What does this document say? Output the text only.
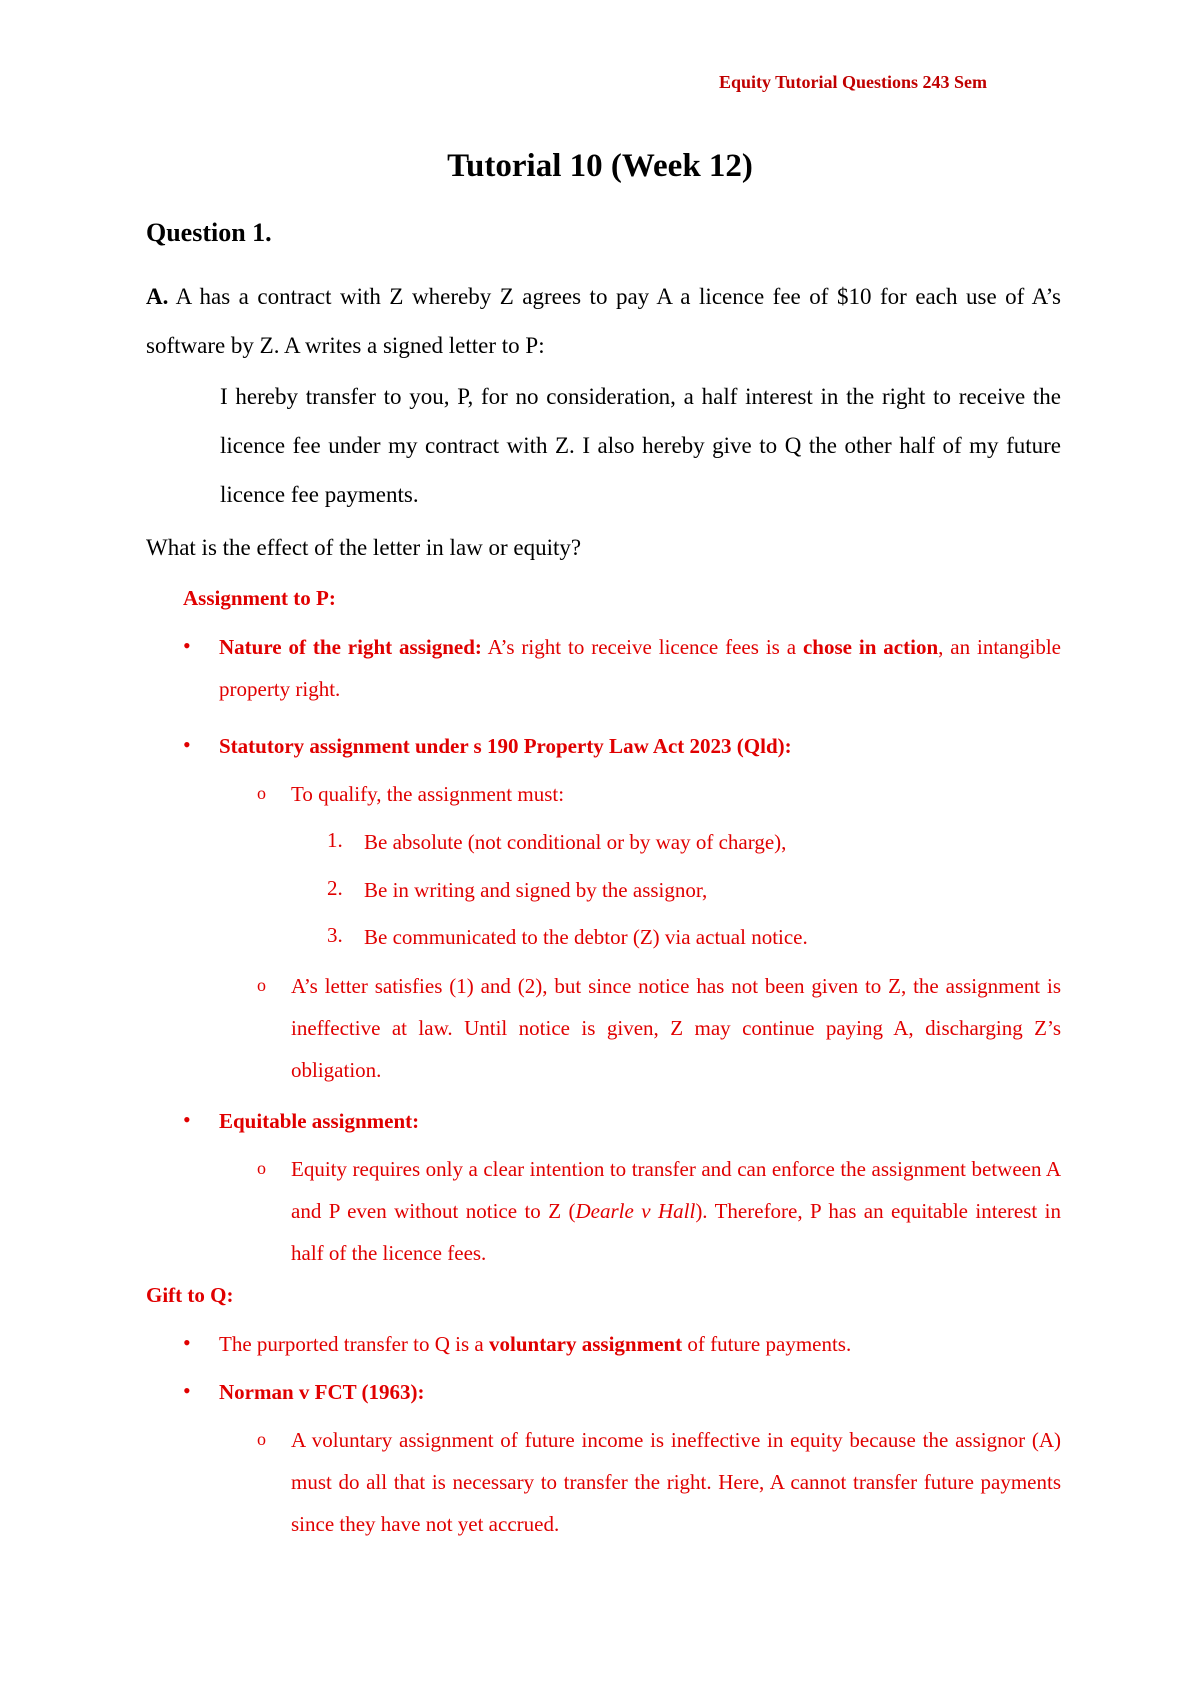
Equity Tutorial Questions 243 Sem
Tutorial 10 (Week 12)
Question 1.

A. A has a contract with Z whereby Z agrees to pay A a licence fee of $10 for each use of A’s software by Z. A writes a signed letter to P:

I hereby transfer to you, P, for no consideration, a half interest in the right to receive the licence fee under my contract with Z. I also hereby give to Q the other half of my future licence fee payments.

What is the effect of the letter in law or equity?

Assignment to P:
• Nature of the right assigned: A’s right to receive licence fees is a chose in action, an intangible property right.

• Statutory assignment under s 190 Property Law Act 2023 (Qld):

o To qualify, the assignment must:

1. Be absolute (not conditional or by way of charge),

2. Be in writing and signed by the assignor,

3. Be communicated to the debtor (Z) via actual notice.

o A’s letter satisfies (1) and (2), but since notice has not been given to Z, the assignment is ineffective at law. Until notice is given, Z may continue paying A, discharging Z’s obligation.

• Equitable assignment:

o Equity requires only a clear intention to transfer and can enforce the assignment between A and P even without notice to Z (Dearle v Hall). Therefore, P has an equitable interest in half of the licence fees.

Gift to Q:
• The purported transfer to Q is a voluntary assignment of future payments.

• Norman v FCT (1963):

o A voluntary assignment of future income is ineffective in equity because the assignor (A) must do all that is necessary to transfer the right. Here, A cannot transfer future payments since they have not yet accrued.
